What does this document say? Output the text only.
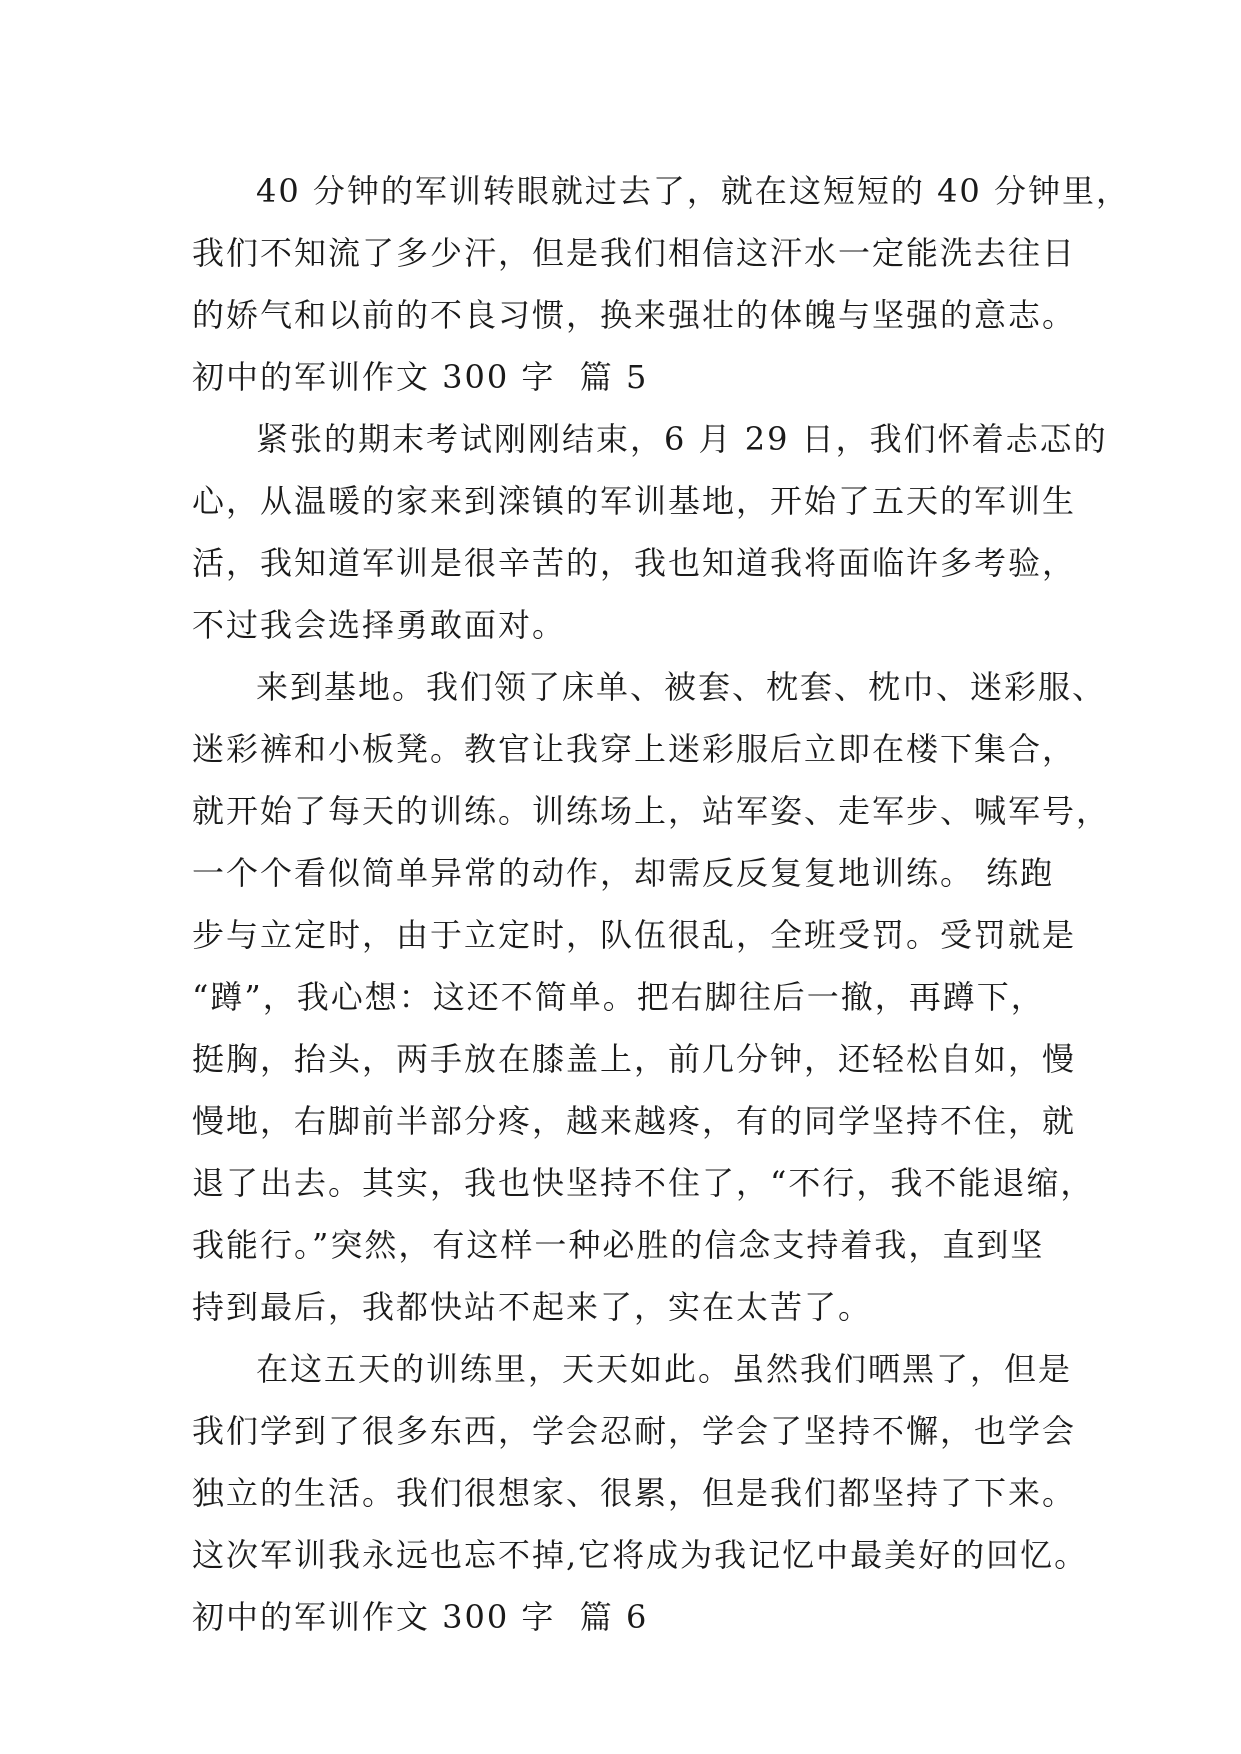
40 分钟的军训转眼就过去了，就在这短短的 40 分钟里，
我们不知流了多少汗，但是我们相信这汗水一定能洗去往日
的娇气和以前的不良习惯，换来强壮的体魄与坚强的意志。
初中的军训作文 300 字  篇 5
紧张的期末考试刚刚结束，6 月 29 日，我们怀着忐忑的
心，从温暖的家来到滦镇的军训基地，开始了五天的军训生
活，我知道军训是很辛苦的，我也知道我将面临许多考验，
不过我会选择勇敢面对。
来到基地。我们领了床单、被套、枕套、枕巾、迷彩服、
迷彩裤和小板凳。教官让我穿上迷彩服后立即在楼下集合，
就开始了每天的训练。训练场上，站军姿、走军步、喊军号，
一个个看似简单异常的动作，却需反反复复地训练。 练跑
步与立定时，由于立定时，队伍很乱，全班受罚。受罚就是
“蹲”，我心想：这还不简单。把右脚往后一撤，再蹲下，
挺胸，抬头，两手放在膝盖上，前几分钟，还轻松自如，慢
慢地，右脚前半部分疼，越来越疼，有的同学坚持不住，就
退了出去。其实，我也快坚持不住了，“不行，我不能退缩，
我能行。”突然，有这样一种必胜的信念支持着我，直到坚
持到最后，我都快站不起来了，实在太苦了。
在这五天的训练里，天天如此。虽然我们晒黑了，但是
我们学到了很多东西，学会忍耐，学会了坚持不懈，也学会
独立的生活。我们很想家、很累，但是我们都坚持了下来。
这次军训我永远也忘不掉,它将成为我记忆中最美好的回忆。
初中的军训作文 300 字  篇 6
